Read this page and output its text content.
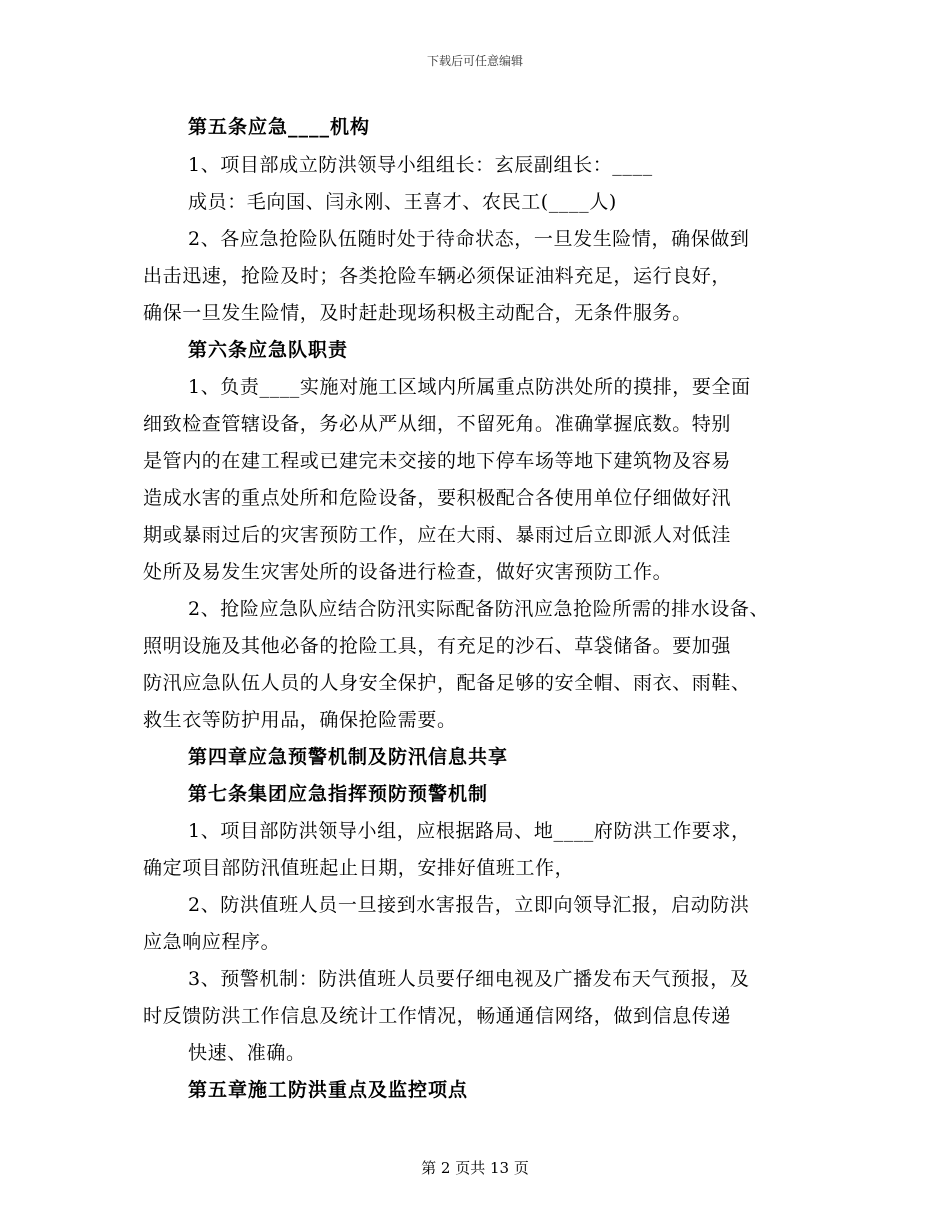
下载后可任意编辑
第五条应急____机构
1、项目部成立防洪领导小组组长：玄辰副组长：____
成员：毛向国、闫永刚、王喜才、农民工(____人)
2、各应急抢险队伍随时处于待命状态，一旦发生险情，确保做到
出击迅速，抢险及时；各类抢险车辆必须保证油料充足，运行良好，
确保一旦发生险情，及时赶赴现场积极主动配合，无条件服务。
第六条应急队职责
1、负责____实施对施工区域内所属重点防洪处所的摸排，要全面
细致检查管辖设备，务必从严从细，不留死角。准确掌握底数。特别
是管内的在建工程或已建完未交接的地下停车场等地下建筑物及容易
造成水害的重点处所和危险设备，要积极配合各使用单位仔细做好汛
期或暴雨过后的灾害预防工作，应在大雨、暴雨过后立即派人对低洼
处所及易发生灾害处所的设备进行检查，做好灾害预防工作。
2、抢险应急队应结合防汛实际配备防汛应急抢险所需的排水设备、
照明设施及其他必备的抢险工具，有充足的沙石、草袋储备。要加强
防汛应急队伍人员的人身安全保护，配备足够的安全帽、雨衣、雨鞋、
救生衣等防护用品，确保抢险需要。
第四章应急预警机制及防汛信息共享
第七条集团应急指挥预防预警机制
1、项目部防洪领导小组，应根据路局、地____府防洪工作要求，
确定项目部防汛值班起止日期，安排好值班工作，
2、防洪值班人员一旦接到水害报告，立即向领导汇报，启动防洪
应急响应程序。
3、预警机制：防洪值班人员要仔细电视及广播发布天气预报，及
时反馈防洪工作信息及统计工作情况，畅通通信网络，做到信息传递
快速、准确。
第五章施工防洪重点及监控项点
第 2 页共 13 页
